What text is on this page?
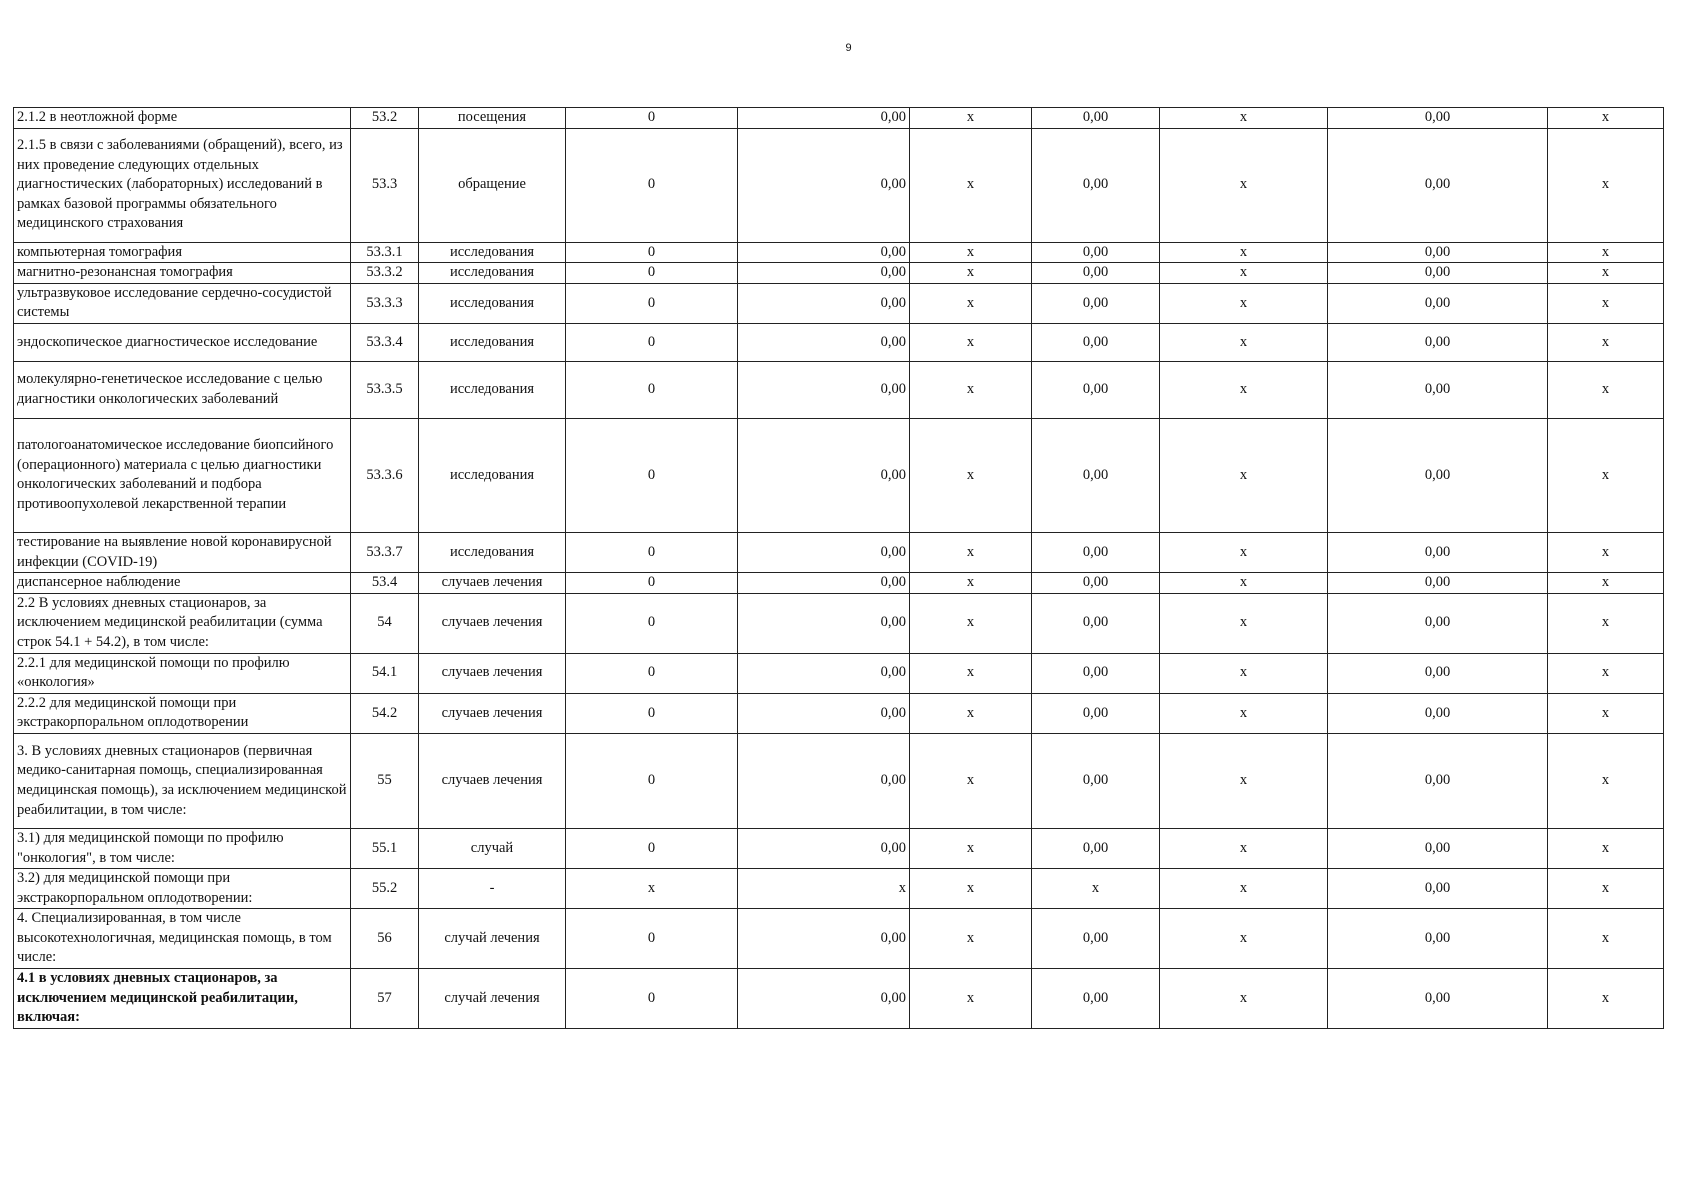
9
2.1.2 в неотложной форме	53.2	посещения	0	0,00	x	0,00	x	0,00	x
2.1.5 в связи с заболеваниями (обращений), всего, из них проведение следующих отдельных диагностических (лабораторных) исследований в рамках базовой программы обязательного медицинского страхования	53.3	обращение	0	0,00	x	0,00	x	0,00	x
компьютерная томография	53.3.1	исследования	0	0,00	x	0,00	x	0,00	x
магнитно-резонансная томография	53.3.2	исследования	0	0,00	x	0,00	x	0,00	x
ультразвуковое исследование сердечно-сосудистой системы	53.3.3	исследования	0	0,00	x	0,00	x	0,00	x
эндоскопическое диагностическое исследование	53.3.4	исследования	0	0,00	x	0,00	x	0,00	x
молекулярно-генетическое исследование с целью диагностики онкологических заболеваний	53.3.5	исследования	0	0,00	x	0,00	x	0,00	x
патологоанатомическое исследование биопсийного (операционного) материала с целью диагностики онкологических заболеваний и подбора противоопухолевой лекарственной терапии	53.3.6	исследования	0	0,00	x	0,00	x	0,00	x
тестирование на выявление новой коронавирусной инфекции (COVID-19)	53.3.7	исследования	0	0,00	x	0,00	x	0,00	x
диспансерное наблюдение	53.4	случаев лечения	0	0,00	x	0,00	x	0,00	x
2.2 В условиях дневных стационаров, за исключением медицинской реабилитации (сумма строк 54.1 + 54.2), в том числе:	54	случаев лечения	0	0,00	x	0,00	x	0,00	x
2.2.1 для медицинской помощи по профилю «онкология»	54.1	случаев лечения	0	0,00	x	0,00	x	0,00	x
2.2.2 для медицинской помощи при экстракорпоральном оплодотворении	54.2	случаев лечения	0	0,00	x	0,00	x	0,00	x
3. В условиях дневных стационаров (первичная медико-санитарная помощь, специализированная медицинская помощь), за исключением медицинской реабилитации, в том числе:	55	случаев лечения	0	0,00	x	0,00	x	0,00	x
3.1) для медицинской помощи по профилю "онкология", в том числе:	55.1	случай	0	0,00	x	0,00	x	0,00	x
3.2) для медицинской помощи при экстракорпоральном оплодотворении:	55.2	-	x	x	x	x	x	0,00	x
4. Специализированная, в том числе высокотехнологичная, медицинская помощь, в том числе:	56	случай лечения	0	0,00	x	0,00	x	0,00	x
4.1 в условиях дневных стационаров, за исключением медицинской реабилитации, включая:	57	случай лечения	0	0,00	x	0,00	x	0,00	x
